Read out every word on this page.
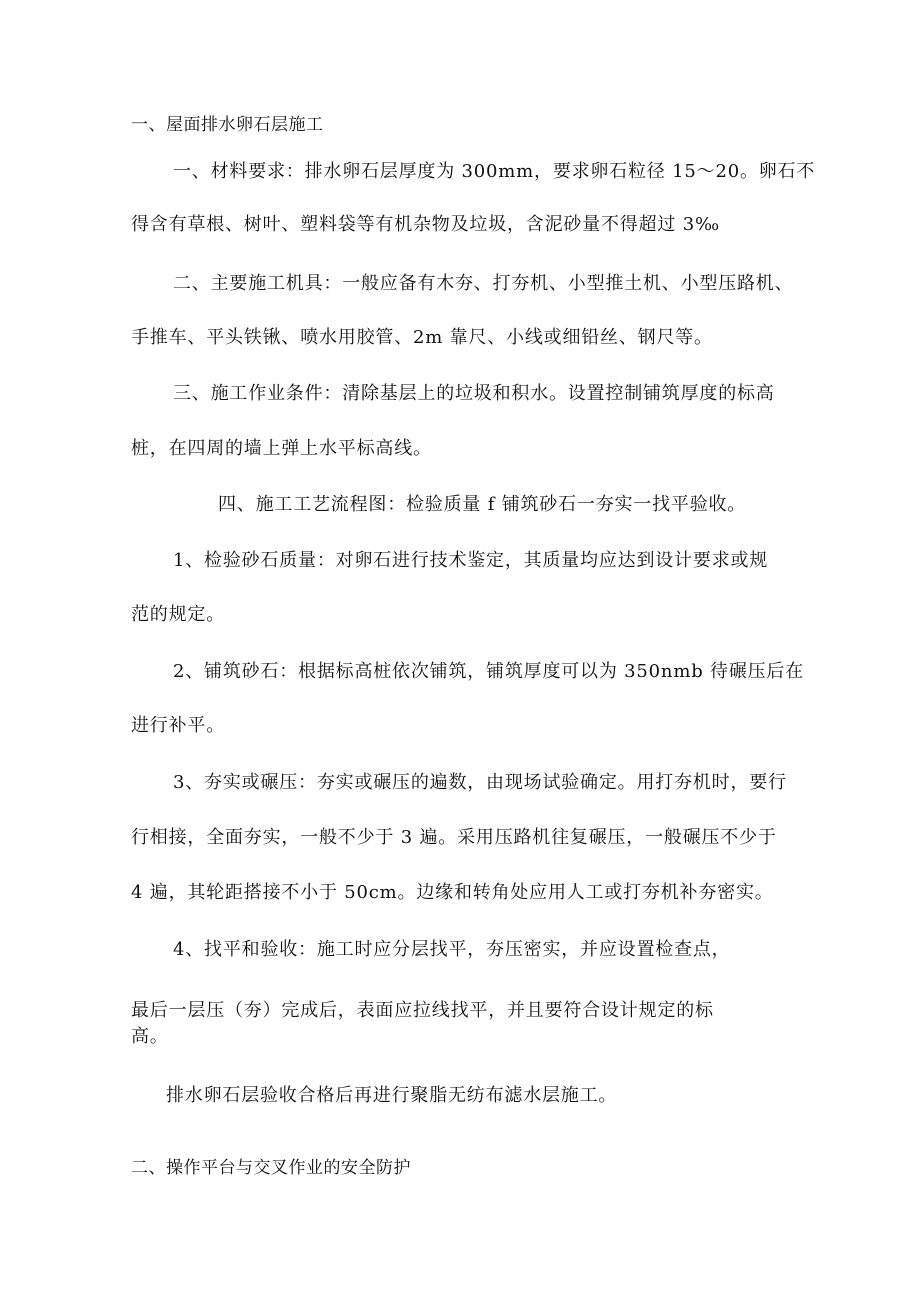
一、屋面排水卵石层施工
一、材料要求：排水卵石层厚度为 300mm，要求卵石粒径 15～20。卵石不
得含有草根、树叶、塑料袋等有机杂物及垃圾，含泥砂量不得超过 3‰
二、主要施工机具：一般应备有木夯、打夯机、小型推土机、小型压路机、
手推车、平头铁锹、喷水用胶管、2m 靠尺、小线或细铅丝、钢尺等。
三、施工作业条件：清除基层上的垃圾和积水。设置控制铺筑厚度的标高
桩，在四周的墙上弹上水平标高线。
四、施工工艺流程图：检验质量 f 铺筑砂石一夯实一找平验收。
1、检验砂石质量：对卵石进行技术鉴定，其质量均应达到设计要求或规
范的规定。
2、铺筑砂石：根据标高桩依次铺筑，铺筑厚度可以为 350nmb 待碾压后在
进行补平。
3、夯实或碾压：夯实或碾压的遍数，由现场试验确定。用打夯机时，要行
行相接，全面夯实，一般不少于 3 遍。采用压路机往复碾压，一般碾压不少于
4 遍，其轮距搭接不小于 50cm。边缘和转角处应用人工或打夯机补夯密实。
4、找平和验收：施工时应分层找平，夯压密实，并应设置检查点，
最后一层压（夯）完成后，表面应拉线找平，并且要符合设计规定的标
高。
排水卵石层验收合格后再进行聚脂无纺布滤水层施工。
二、操作平台与交叉作业的安全防护
